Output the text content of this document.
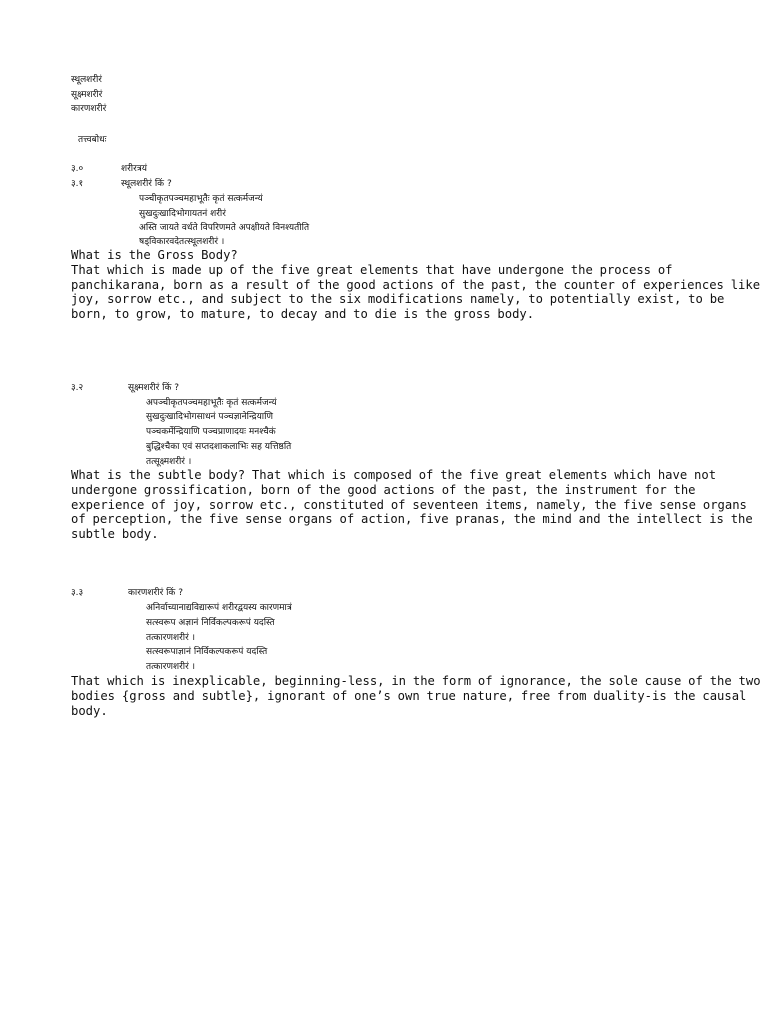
स्थूलशरीरं
सूक्ष्मशरीरं
कारणशरीरं
तत्त्वबोधः
३.०	शरीरत्रयं
३.१	स्थूलशरीरं किं ?
पञ्चीकृतपञ्चमहाभूतैः कृतं सत्कर्मजन्यं
सुखदुःखादिभोगायतनं शरीरं
अस्ति जायते वर्धते विपरिणमते अपक्षीयते विनश्यतीति
षड्विकारवदेतत्स्थूलशरीरं ।

What is the Gross Body?

That which is made up of the five great elements that have undergone the process of panchikarana, born as a result of the good actions of the past, the counter of experiences like joy, sorrow etc., and subject to the six modifications namely, to potentially exist, to be born, to grow, to mature, to decay and to die is the gross body.

३.२	सूक्ष्मशरीरं किं ?
अपञ्चीकृतपञ्चमहाभूतैः कृतं सत्कर्मजन्यं
सुखदुःखादिभोगसाधनं पञ्चज्ञानेन्द्रियाणि
पञ्चकर्मेन्द्रियाणि पञ्चप्राणादयः मनश्चैकं
बुद्धिश्चैका एवं सप्तदशाकलाभिः सह यत्तिष्ठति
तत्सूक्ष्मशरीरं ।

What is the subtle body? That which is composed of the five great elements which have not undergone grossification, born of the good actions of the past, the instrument for the experience of joy, sorrow etc., constituted of seventeen items, namely, the five sense organs of perception, the five sense organs of action, five pranas, the mind and the intellect is the subtle body.

३.३	कारणशरीरं किं ?
अनिर्वाच्यानाद्यविद्यारूपं शरीरद्वयस्य कारणमात्रं
सत्स्वरूप अज्ञानं निर्विकल्पकरूपं यदस्ति
तत्कारणशरीरं ।
सत्स्वरूपाज्ञानं निर्विकल्पकरूपं यदस्ति
तत्कारणशरीरं ।

That which is inexplicable, beginning-less, in the form of ignorance, the sole cause of the two bodies {gross and subtle}, ignorant of one’s own true nature, free from duality-is the causal body.
